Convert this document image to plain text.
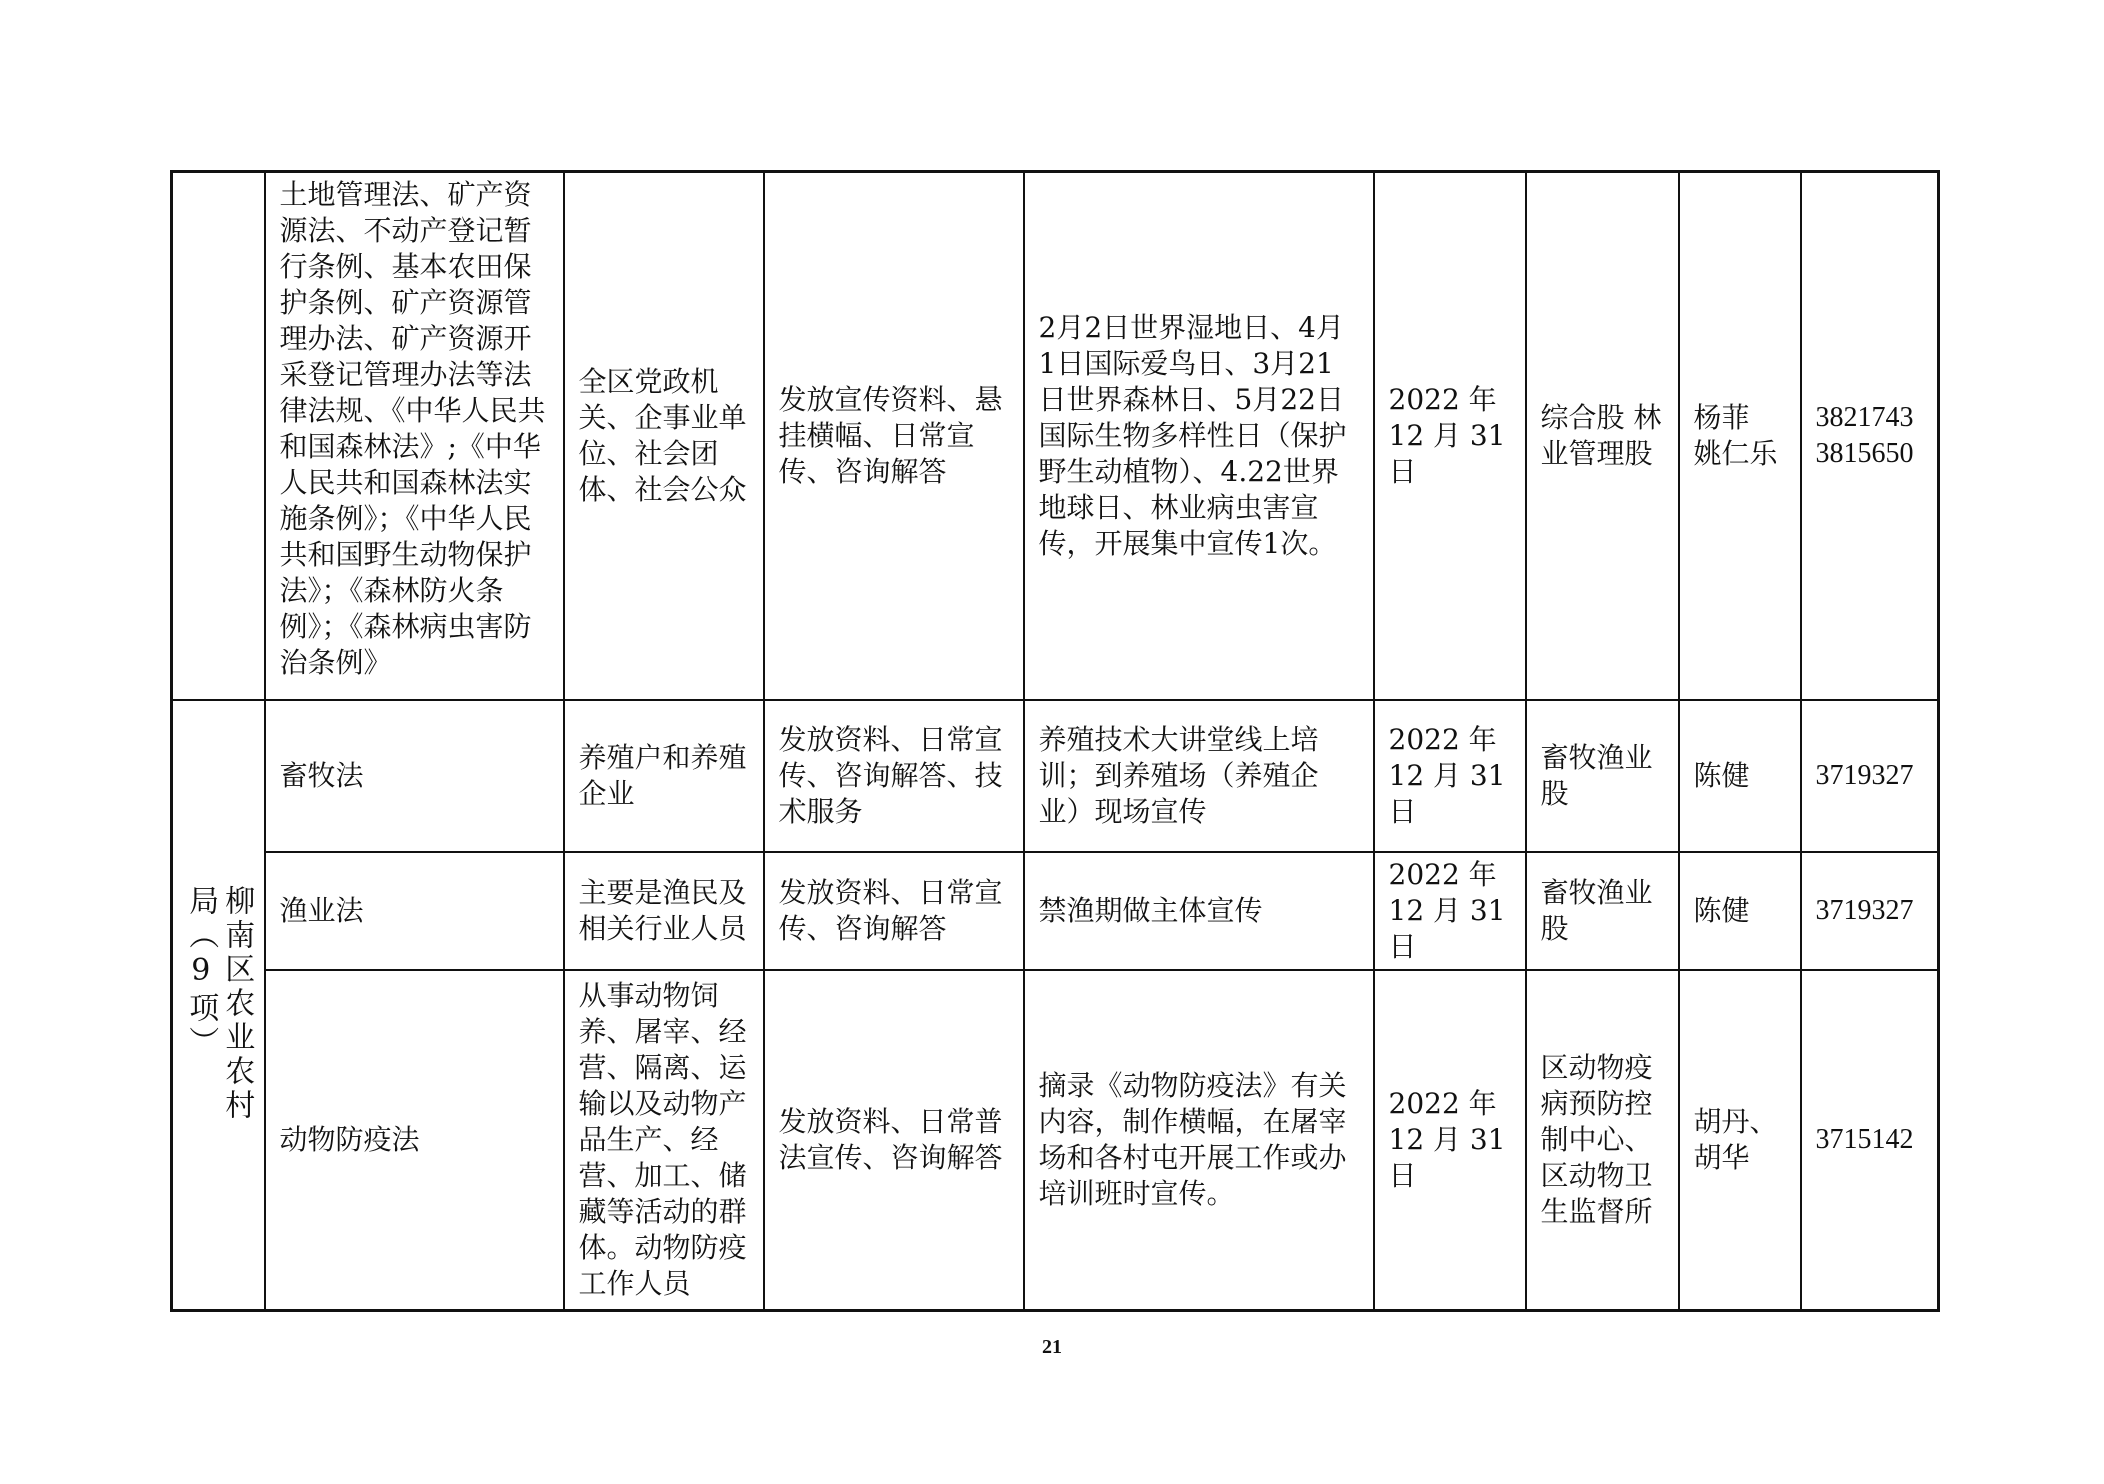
	土地管理法、矿产资源法、不动产登记暂行条例、基本农田保护条例、矿产资源管理办法、矿产资源开采登记管理办法等法律法规、《中华人民共和国森林法》;《中华人民共和国森林法实施条例》；《中华人民共和国野生动物保护法》；《森林防火条例》；《森林病虫害防治条例》	全区党政机关、企事业单位、社会团体、社会公众	发放宣传资料、悬挂横幅、日常宣传、咨询解答	2月2日世界湿地日、4月1日国际爱鸟日、3月21日世界森林日、5月22日国际生物多样性日（保护野生动植物）、4.22世界地球日、林业病虫害宣传，开展集中宣传1次。	2022 年 12 月 31 日	综合股 林业管理股	杨菲 姚仁乐	3821743 3815650

柳南区农业农村局（9项）	畜牧法	养殖户和养殖企业	发放资料、日常宣传、咨询解答、技术服务	养殖技术大讲堂线上培训；到养殖场（养殖企业）现场宣传	2022 年 12 月 31 日	畜牧渔业股	陈健	3719327
	渔业法	主要是渔民及相关行业人员	发放资料、日常宣传、咨询解答	禁渔期做主体宣传	2022 年 12 月 31 日	畜牧渔业股	陈健	3719327
	动物防疫法	从事动物饲养、屠宰、经营、隔离、运输以及动物产品生产、经营、加工、储藏等活动的群体。动物防疫工作人员	发放资料、日常普法宣传、咨询解答	摘录《动物防疫法》有关内容，制作横幅，在屠宰场和各村屯开展工作或办培训班时宣传。	2022 年 12 月 31 日	区动物疫病预防控制中心、区动物卫生监督所	胡丹、胡华	3715142
21
